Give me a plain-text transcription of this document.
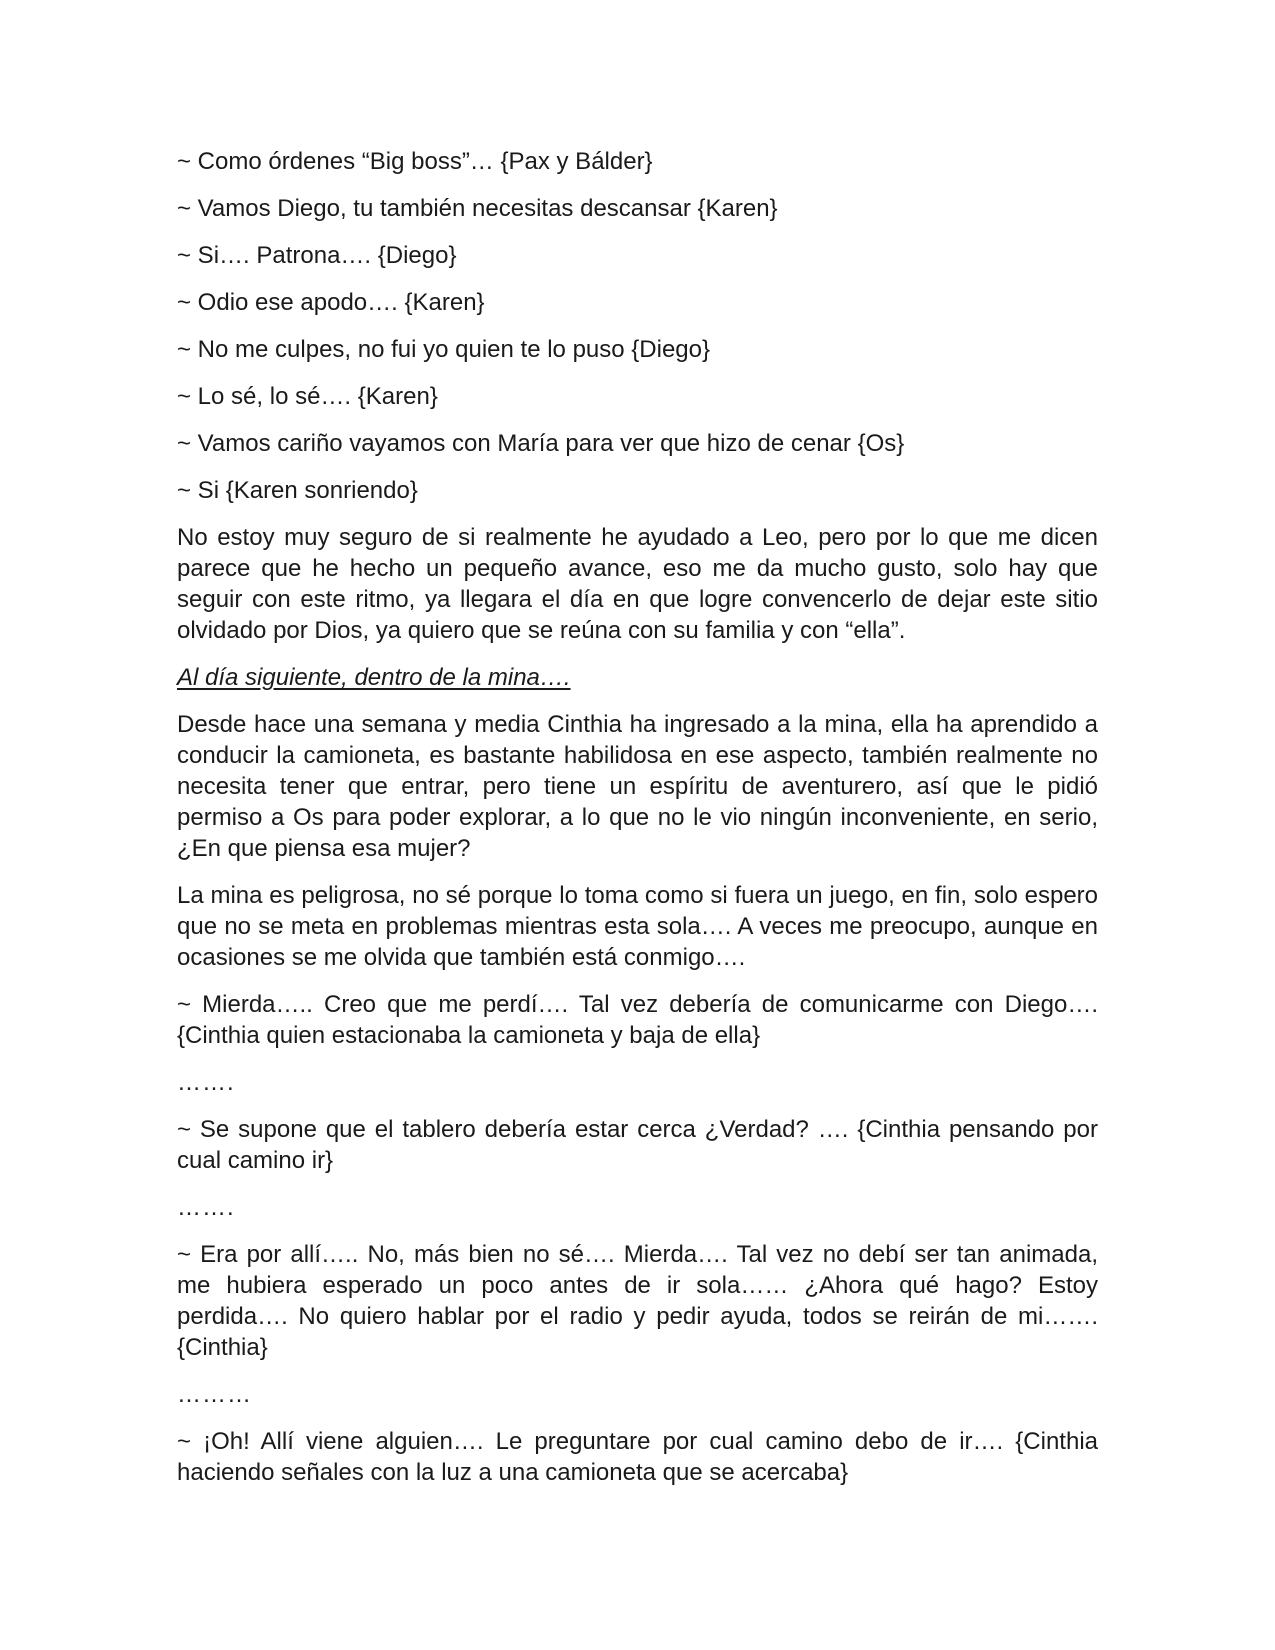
~ Como órdenes “Big boss”… {Pax y Bálder}

~ Vamos Diego, tu también necesitas descansar {Karen}

~ Si…. Patrona…. {Diego}

~ Odio ese apodo…. {Karen}

~ No me culpes, no fui yo quien te lo puso {Diego}

~ Lo sé, lo sé…. {Karen}

~ Vamos cariño vayamos con María para ver que hizo de cenar {Os}

~ Si {Karen sonriendo}

No estoy muy seguro de si realmente he ayudado a Leo, pero por lo que me dicen parece que he hecho un pequeño avance, eso me da mucho gusto, solo hay que seguir con este ritmo, ya llegara el día en que logre convencerlo de dejar este sitio olvidado por Dios, ya quiero que se reúna con su familia y con “ella”.

Al día siguiente, dentro de la mina….

Desde hace una semana y media Cinthia ha ingresado a la mina, ella ha aprendido a conducir la camioneta, es bastante habilidosa en ese aspecto, también realmente no necesita tener que entrar, pero tiene un espíritu de aventurero, así que le pidió permiso a Os para poder explorar, a lo que no le vio ningún inconveniente, en serio, ¿En que piensa esa mujer?

La mina es peligrosa, no sé porque lo toma como si fuera un juego, en fin, solo espero que no se meta en problemas mientras esta sola…. A veces me preocupo, aunque en ocasiones se me olvida que también está conmigo….

~ Mierda….. Creo que me perdí…. Tal vez debería de comunicarme con Diego…. {Cinthia quien estacionaba la camioneta y baja de ella}

…….

~ Se supone que el tablero debería estar cerca ¿Verdad? …. {Cinthia pensando por cual camino ir}

…….

~ Era por allí….. No, más bien no sé…. Mierda…. Tal vez no debí ser tan animada, me hubiera esperado un poco antes de ir sola…… ¿Ahora qué hago? Estoy perdida…. No quiero hablar por el radio y pedir ayuda, todos se reirán de mi……. {Cinthia}

………

~ ¡Oh! Allí viene alguien…. Le preguntare por cual camino debo de ir…. {Cinthia haciendo señales con la luz a una camioneta que se acercaba}
